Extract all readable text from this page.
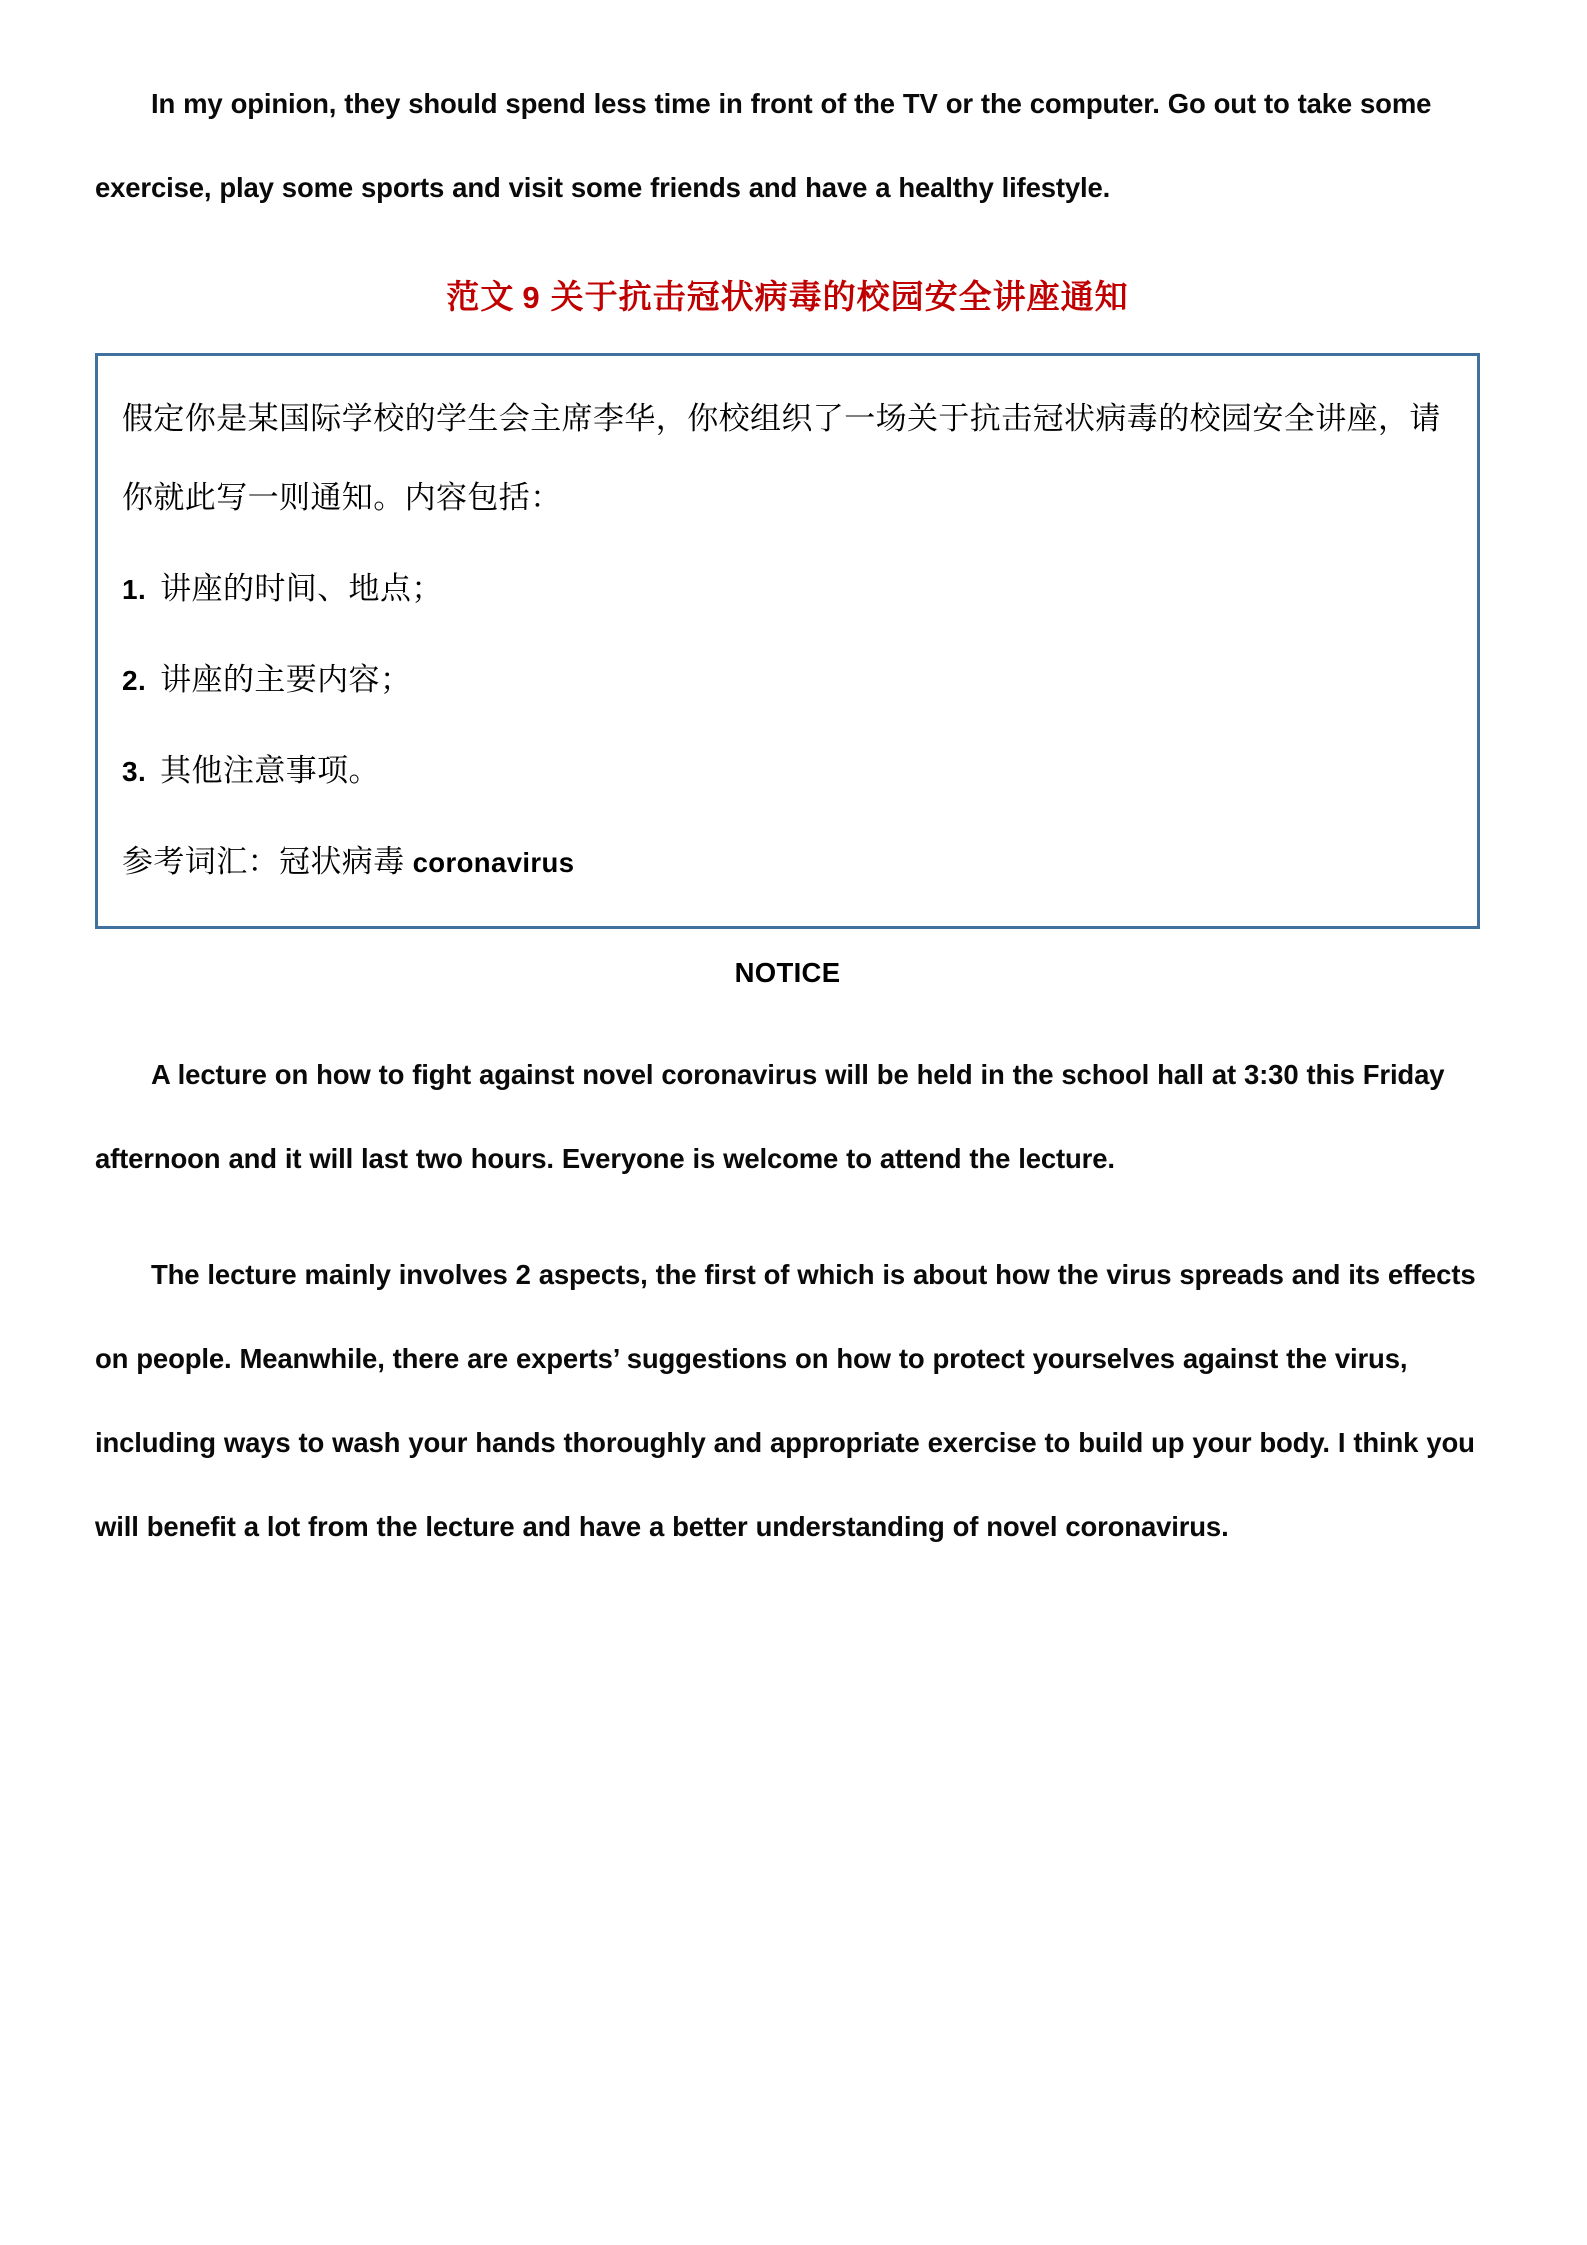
In my opinion, they should spend less time in front of the TV or the computer. Go out to take some exercise, play some sports and visit some friends and have a healthy lifestyle.

范文 9 关于抗击冠状病毒的校园安全讲座通知

假定你是某国际学校的学生会主席李华，你校组织了一场关于抗击冠状病毒的校园安全讲座，请你就此写一则通知。内容包括：

1. 讲座的时间、地点；
2. 讲座的主要内容；
3. 其他注意事项。

参考词汇：冠状病毒 coronavirus

NOTICE

A lecture on how to fight against novel coronavirus will be held in the school hall at 3:30 this Friday afternoon and it will last two hours. Everyone is welcome to attend the lecture.

The lecture mainly involves 2 aspects, the first of which is about how the virus spreads and its effects on people. Meanwhile, there are experts’ suggestions on how to protect yourselves against the virus, including ways to wash your hands thoroughly and appropriate exercise to build up your body. I think you will benefit a lot from the lecture and have a better understanding of novel coronavirus.
